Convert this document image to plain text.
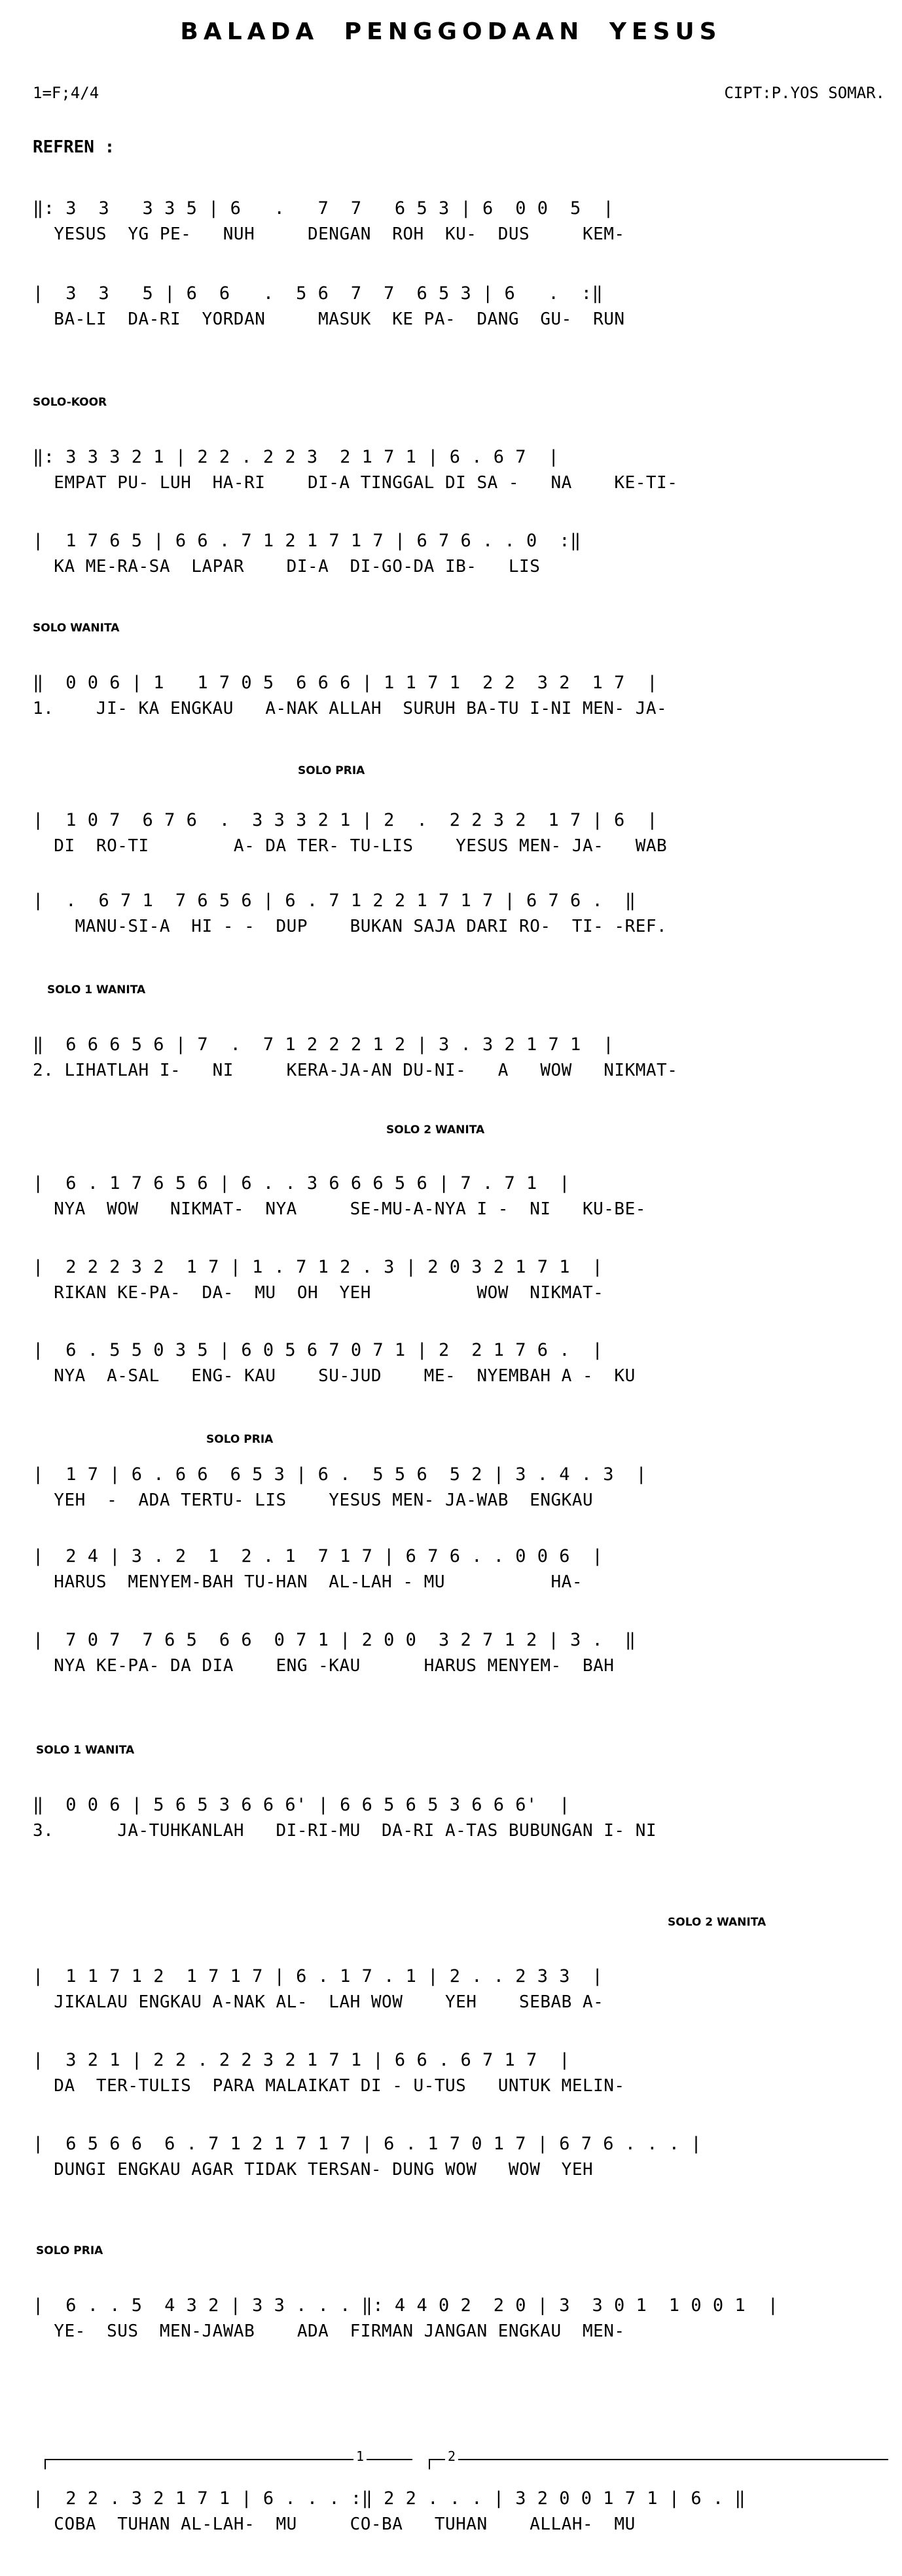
BALADA PENGGODAAN YESUS
1=F;4/4	CIPT:P.YOS SOMAR.
REFREN :
‖: 3  3   3 3 5 | 6   .   7  7   6 5 3 | 6  0 0  5  |
YESUS  YG PE-   NUH     DENGAN  ROH  KU-  DUS     KEM-
|  3  3   5 | 6  6   .  5 6  7  7  6 5 3 | 6   .  :‖
BA-LI  DA-RI  YORDAN     MASUK  KE PA-  DANG  GU-  RUN
SOLO-KOOR
‖: 3 3 3 2 1 | 2 2 . 2 2 3  2 1 7 1 | 6 . 6 7  |
EMPAT PU- LUH  HA-RI    DI-A TINGGAL DI SA -   NA    KE-TI-
|  1 7 6 5 | 6 6 . 7 1 2 1 7 1 7 | 6 7 6 . . 0  :‖
KA ME-RA-SA  LAPAR    DI-A  DI-GO-DA IB-   LIS
SOLO WANITA
‖  0 0 6 | 1   1 7 0 5  6 6 6 | 1 1 7 1  2 2  3 2  1 7  |
1.    JI- KA ENGKAU   A-NAK ALLAH  SURUH BA-TU I-NI MEN- JA-
SOLO PRIA
|  1 0 7  6 7 6  .  3 3 3 2 1 | 2  .  2 2 3 2  1 7 | 6  |
DI  RO-TI        A- DA TER- TU-LIS    YESUS MEN- JA-   WAB
|  .  6 7 1  7 6 5 6 | 6 . 7 1 2 2 1 7 1 7 | 6 7 6 .  ‖
MANU-SI-A  HI - -  DUP    BUKAN SAJA DARI RO-  TI- -REF.
SOLO 1 WANITA
‖  6 6 6 5 6 | 7  .  7 1 2 2 2 1 2 | 3 . 3 2 1 7 1  |
2. LIHATLAH I-   NI     KERA-JA-AN DU-NI-   A   WOW   NIKMAT-
SOLO 2 WANITA
|  6 . 1 7 6 5 6 | 6 . . 3 6 6 6 5 6 | 7 . 7 1  |
NYA  WOW   NIKMAT-  NYA     SE-MU-A-NYA I -  NI   KU-BE-
|  2 2 2 3 2  1 7 | 1 . 7 1 2 . 3 | 2 0 3 2 1 7 1  |
RIKAN KE-PA-  DA-  MU  OH  YEH          WOW  NIKMAT-
|  6 . 5 5 0 3 5 | 6 0 5 6 7 0 7 1 | 2  2 1 7 6 .  |
NYA  A-SAL   ENG- KAU    SU-JUD    ME-  NYEMBAH A -  KU
SOLO PRIA
|  1 7 | 6 . 6 6  6 5 3 | 6 .  5 5 6  5 2 | 3 . 4 . 3  |
YEH  -  ADA TERTU- LIS    YESUS MEN- JA-WAB  ENGKAU
|  2 4 | 3 . 2  1  2 . 1  7 1 7 | 6 7 6 . . 0 0 6  |
HARUS  MENYEM-BAH TU-HAN  AL-LAH - MU          HA-
|  7 0 7  7 6 5  6 6  0 7 1 | 2 0 0  3 2 7 1 2 | 3 .  ‖
NYA KE-PA- DA DIA    ENG -KAU      HARUS MENYEM-  BAH
SOLO 1 WANITA
‖  0 0 6 | 5 6 5 3 6 6 6' | 6 6 5 6 5 3 6 6 6'  |
3.      JA-TUHKANLAH   DI-RI-MU  DA-RI A-TAS BUBUNGAN I- NI
SOLO 2 WANITA
|  1 1 7 1 2  1 7 1 7 | 6 . 1 7 . 1 | 2 . . 2 3 3  |
JIKALAU ENGKAU A-NAK AL-  LAH WOW    YEH    SEBAB A-
|  3 2 1 | 2 2 . 2 2 3 2 1 7 1 | 6 6 . 6 7 1 7  |
DA  TER-TULIS  PARA MALAIKAT DI - U-TUS   UNTUK MELIN-
|  6 5 6 6  6 . 7 1 2 1 7 1 7 | 6 . 1 7 0 1 7 | 6 7 6 . . . |
DUNGI ENGKAU AGAR TIDAK TERSAN- DUNG WOW   WOW  YEH
SOLO PRIA
|  6 . . 5  4 3 2 | 3 3 . . . ‖: 4 4 0 2  2 0 | 3  3 0 1  1 0 0 1  |
YE-  SUS  MEN-JAWAB    ADA  FIRMAN JANGAN ENGKAU  MEN-
1	2
|  2 2 . 3 2 1 7 1 | 6 . . . :‖ 2 2 . . . | 3 2 0 0 1 7 1 | 6 . ‖
COBA  TUHAN AL-LAH-  MU     CO-BA   TUHAN    ALLAH-  MU
